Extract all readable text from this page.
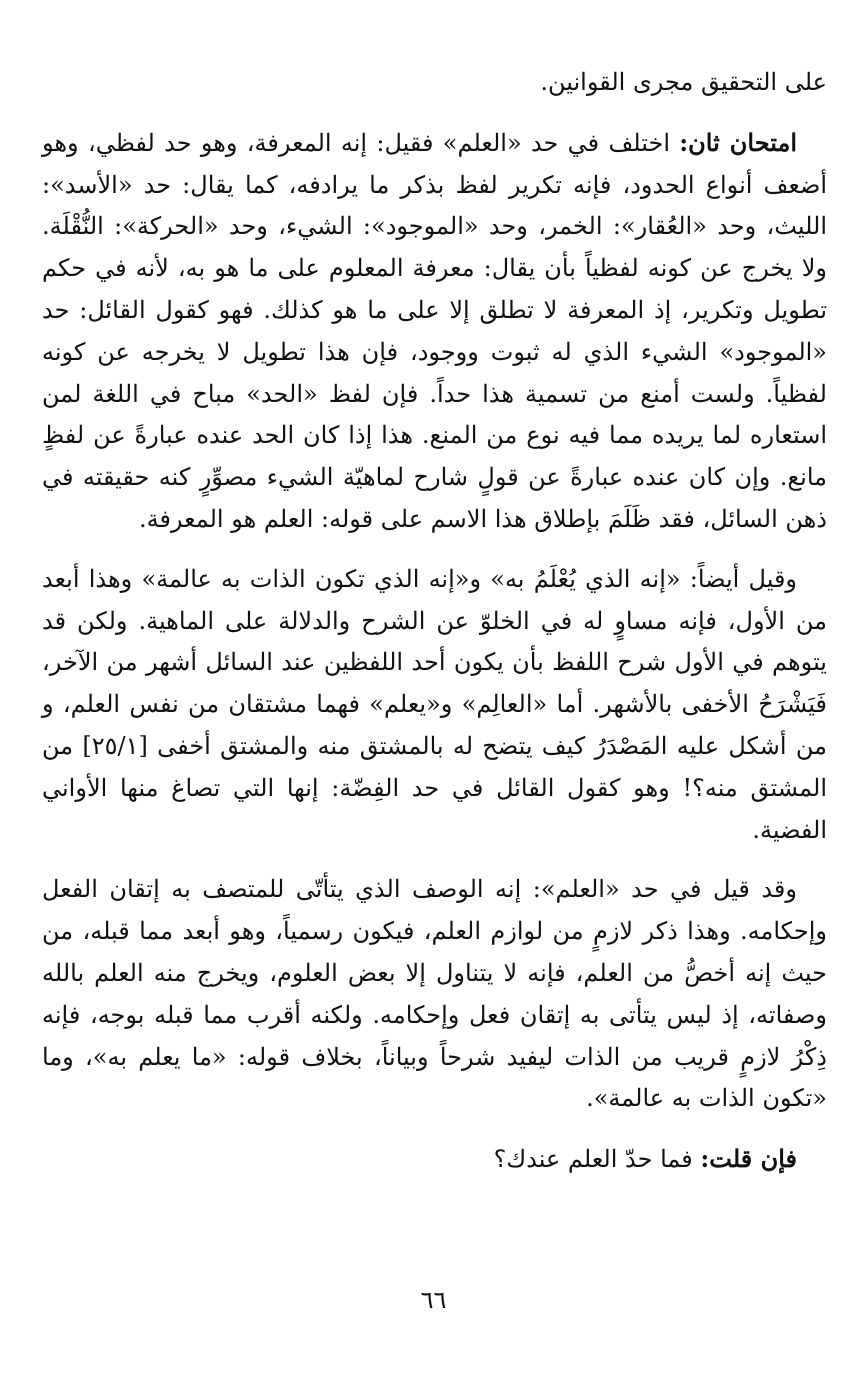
على التحقيق مجرى القوانين.

امتحان ثان: اختلف في حد «العلم» فقيل: إنه المعرفة، وهو حد لفظي، وهو أضعف أنواع الحدود، فإنه تكرير لفظ بذكر ما يرادفه، كما يقال: حد «الأسد»: الليث، وحد «العُقار»: الخمر، وحد «الموجود»: الشيء، وحد «الحركة»: النُّقْلَة. ولا يخرج عن كونه لفظياً بأن يقال: معرفة المعلوم على ما هو به، لأنه في حكم تطويل وتكرير، إذ المعرفة لا تطلق إلا على ما هو كذلك. فهو كقول القائل: حد «الموجود» الشيء الذي له ثبوت ووجود، فإن هذا تطويل لا يخرجه عن كونه لفظياً. ولست أمنع من تسمية هذا حداً. فإن لفظ «الحد» مباح في اللغة لمن استعاره لما يريده مما فيه نوع من المنع. هذا إذا كان الحد عنده عبارةً عن لفظٍ مانع. وإن كان عنده عبارةً عن قولٍ شارح لماهيّة الشيء مصوِّرٍ كنه حقيقته في ذهن السائل، فقد ظَلَمَ بإطلاق هذا الاسم على قوله: العلم هو المعرفة.

وقيل أيضاً: «إنه الذي يُعْلَمُ به» و«إنه الذي تكون الذات به عالمة» وهذا أبعد من الأول، فإنه مساوٍ له في الخلوّ عن الشرح والدلالة على الماهية. ولكن قد يتوهم في الأول شرح اللفظ بأن يكون أحد اللفظين عند السائل أشهر من الآخر، فَيَشْرَحُ الأخفى بالأشهر. أما «العالِم» و«يعلم» فهما مشتقان من نفس العلم، و من أشكل عليه المَصْدَرُ كيف يتضح له بالمشتق منه والمشتق أخفى [٢٥/١] من المشتق منه؟! وهو كقول القائل في حد الفِضّة: إنها التي تصاغ منها الأواني الفضية.

وقد قيل في حد «العلم»: إنه الوصف الذي يتأتّى للمتصف به إتقان الفعل وإحكامه. وهذا ذكر لازمٍ من لوازم العلم، فيكون رسمياً، وهو أبعد مما قبله، من حيث إنه أخصُّ من العلم، فإنه لا يتناول إلا بعض العلوم، ويخرج منه العلم بالله وصفاته، إذ ليس يتأتى به إتقان فعل وإحكامه. ولكنه أقرب مما قبله بوجه، فإنه ذِكْرُ لازمٍ قريب من الذات ليفيد شرحاً وبياناً، بخلاف قوله: «ما يعلم به»، وما «تكون الذات به عالمة».

فإن قلت: فما حدّ العلم عندك؟

٦٦
